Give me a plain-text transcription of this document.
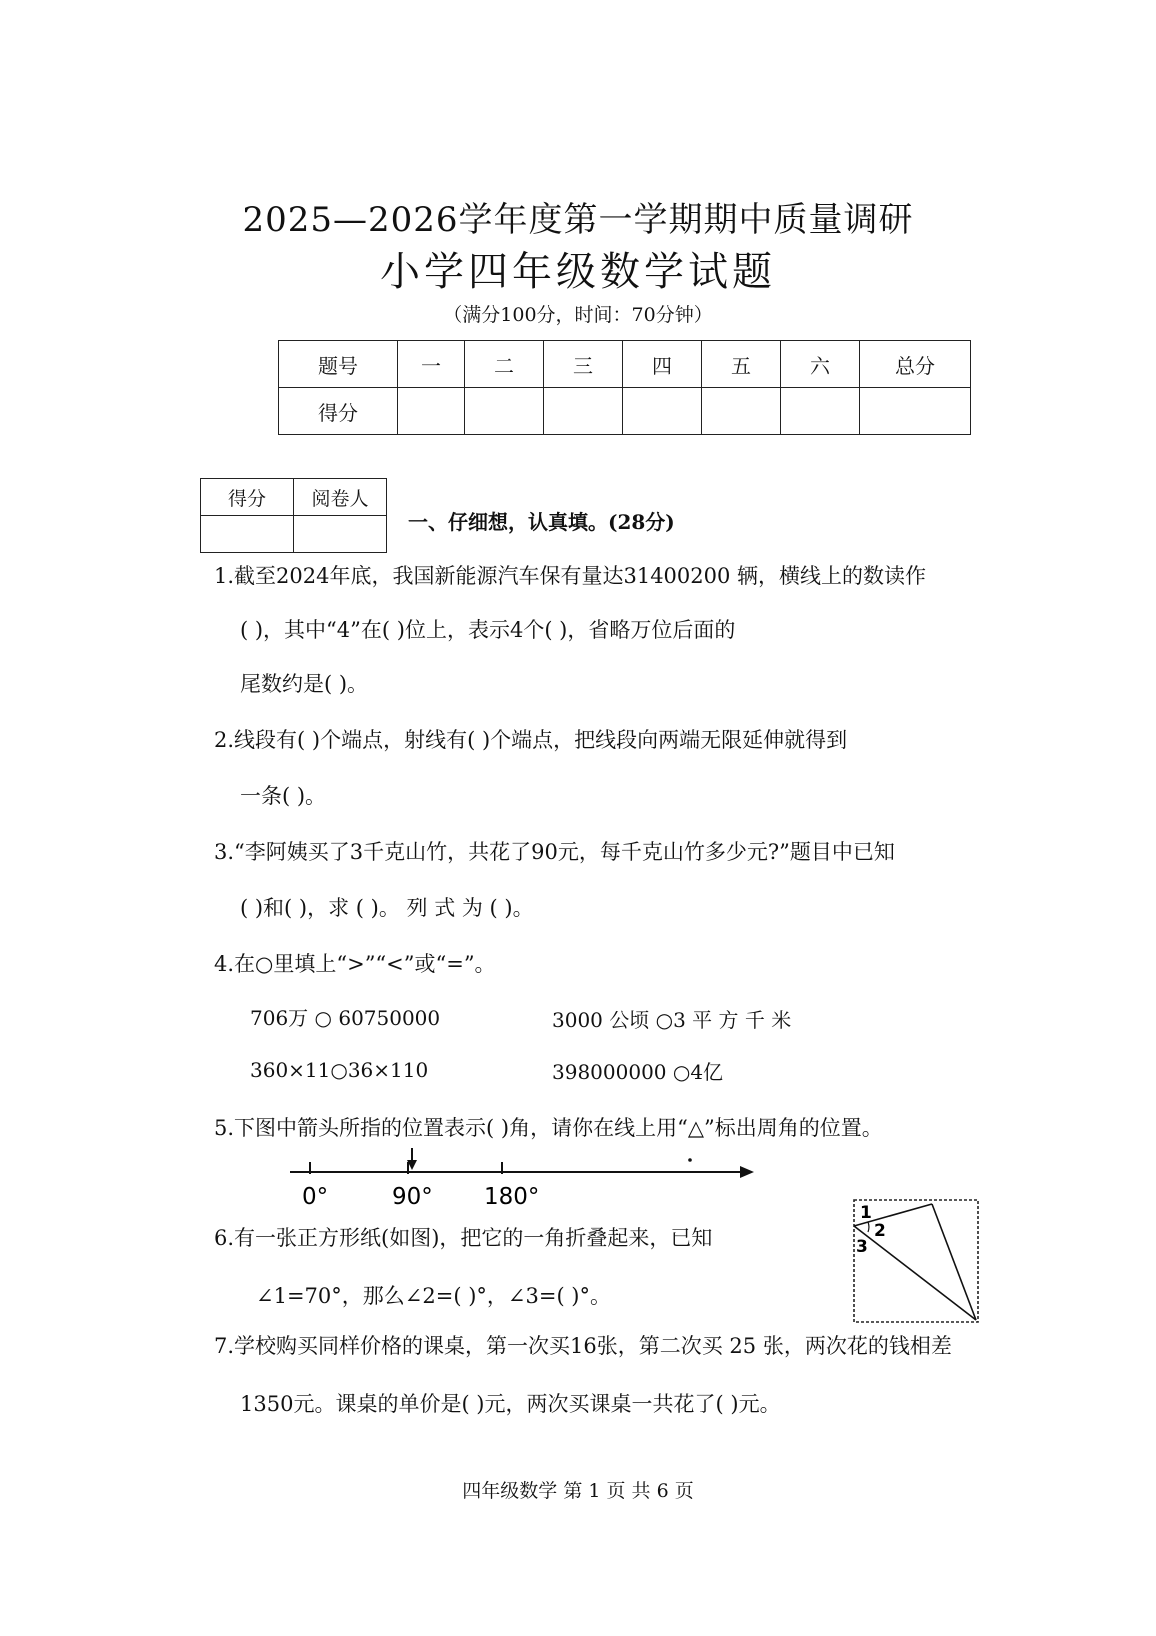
2025—2026学年度第一学期期中质量调研
小学四年级数学试题
（满分100分，时间：70分钟）
题号	一	二	三	四	五	六	总分
得分							
得分	阅卷人

一、仔细想，认真填。(28分)
1.截至2024年底，我国新能源汽车保有量达31400200 辆，横线上的数读作
( )，其中“4”在( )位上，表示4个( )，省略万位后面的
尾数约是( )。
2.线段有( )个端点，射线有( )个端点，把线段向两端无限延伸就得到
一条( )。
3.“李阿姨买了3千克山竹，共花了90元，每千克山竹多少元?”题目中已知
( )和( )，求 ( )。 列 式 为 ( )。
4.在○里填上“>”“<”或“=”。
706万 ○ 60750000	3000 公顷 ○3 平 方 千 米
360×11○36×110	398000000 ○4亿
5.下图中箭头所指的位置表示( )角，请你在线上用“△”标出周角的位置。
0°	90° 180°
6.有一张正方形纸(如图)，把它的一角折叠起来，已知
∠1=70°，那么∠2=( )°，∠3=( )°。
1
2
3
7.学校购买同样价格的课桌，第一次买16张，第二次买 25 张，两次花的钱相差
1350元。课桌的单价是( )元，两次买课桌一共花了( )元。
四年级数学 第 1 页 共 6 页
